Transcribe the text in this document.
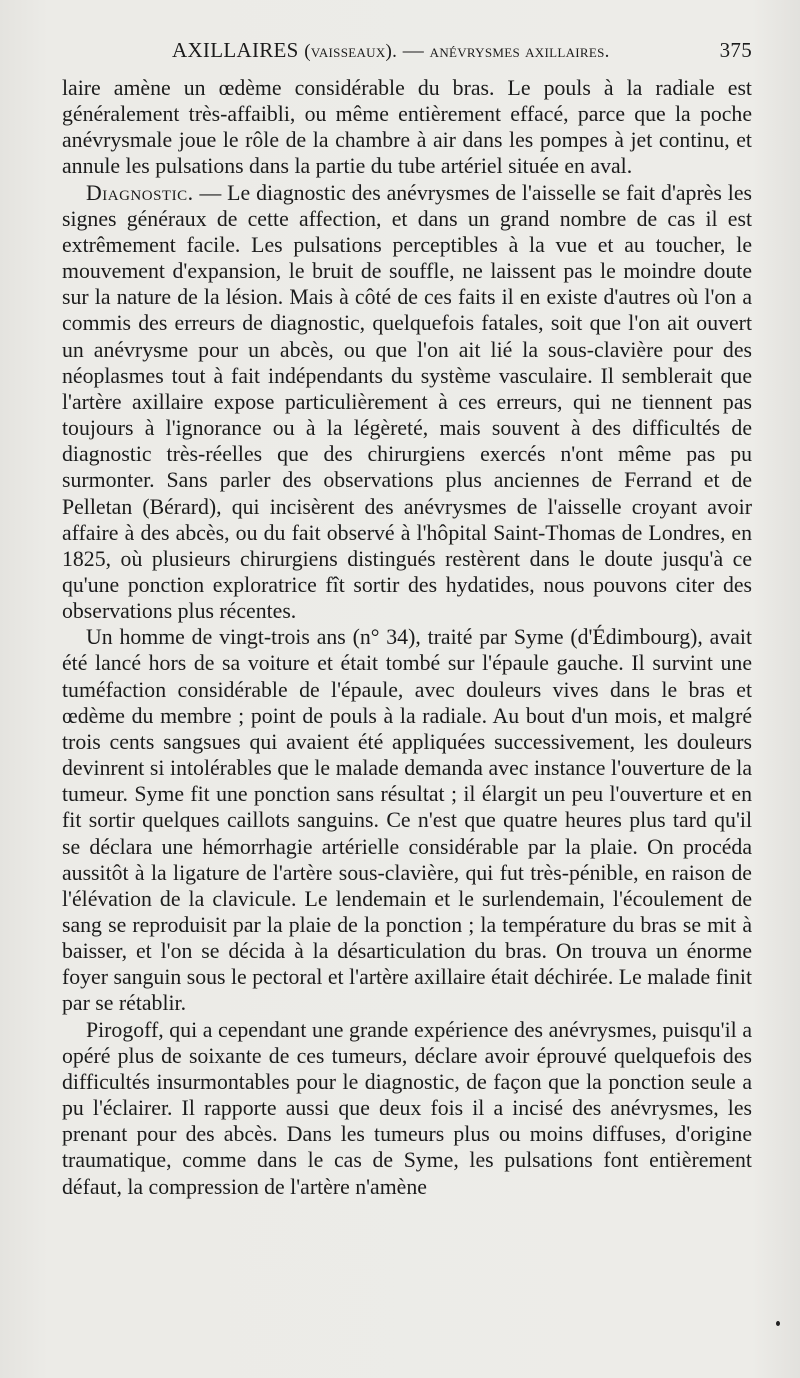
AXILLAIRES (vaisseaux). — anévrysmes axillaires.	375

laire amène un œdème considérable du bras. Le pouls à la radiale est généralement très-affaibli, ou même entièrement effacé, parce que la poche anévrysmale joue le rôle de la chambre à air dans les pompes à jet continu, et annule les pulsations dans la partie du tube artériel située en aval.

Diagnostic. — Le diagnostic des anévrysmes de l'aisselle se fait d'après les signes généraux de cette affection, et dans un grand nombre de cas il est extrêmement facile. Les pulsations perceptibles à la vue et au toucher, le mouvement d'expansion, le bruit de souffle, ne laissent pas le moindre doute sur la nature de la lésion. Mais à côté de ces faits il en existe d'autres où l'on a commis des erreurs de diagnostic, quelquefois fatales, soit que l'on ait ouvert un anévrysme pour un abcès, ou que l'on ait lié la sous-clavière pour des néoplasmes tout à fait indépendants du système vasculaire. Il semblerait que l'artère axillaire expose particulièrement à ces erreurs, qui ne tiennent pas toujours à l'ignorance ou à la légèreté, mais souvent à des difficultés de diagnostic très-réelles que des chirurgiens exercés n'ont même pas pu surmonter. Sans parler des observations plus anciennes de Ferrand et de Pelletan (Bérard), qui incisèrent des anévrysmes de l'aisselle croyant avoir affaire à des abcès, ou du fait observé à l'hôpital Saint-Thomas de Londres, en 1825, où plusieurs chirurgiens distingués restèrent dans le doute jusqu'à ce qu'une ponction exploratrice fît sortir des hydatides, nous pouvons citer des observations plus récentes.

Un homme de vingt-trois ans (n° 34), traité par Syme (d'Édimbourg), avait été lancé hors de sa voiture et était tombé sur l'épaule gauche. Il survint une tuméfaction considérable de l'épaule, avec douleurs vives dans le bras et œdème du membre ; point de pouls à la radiale. Au bout d'un mois, et malgré trois cents sangsues qui avaient été appliquées successivement, les douleurs devinrent si intolérables que le malade demanda avec instance l'ouverture de la tumeur. Syme fit une ponction sans résultat ; il élargit un peu l'ouverture et en fit sortir quelques caillots sanguins. Ce n'est que quatre heures plus tard qu'il se déclara une hémorrhagie artérielle considérable par la plaie. On procéda aussitôt à la ligature de l'artère sous-clavière, qui fut très-pénible, en raison de l'élévation de la clavicule. Le lendemain et le surlendemain, l'écoulement de sang se reproduisit par la plaie de la ponction ; la température du bras se mit à baisser, et l'on se décida à la désarticulation du bras. On trouva un énorme foyer sanguin sous le pectoral et l'artère axillaire était déchirée. Le malade finit par se rétablir.

Pirogoff, qui a cependant une grande expérience des anévrysmes, puisqu'il a opéré plus de soixante de ces tumeurs, déclare avoir éprouvé quelquefois des difficultés insurmontables pour le diagnostic, de façon que la ponction seule a pu l'éclairer. Il rapporte aussi que deux fois il a incisé des anévrysmes, les prenant pour des abcès. Dans les tumeurs plus ou moins diffuses, d'origine traumatique, comme dans le cas de Syme, les pulsations font entièrement défaut, la compression de l'artère n'amène
